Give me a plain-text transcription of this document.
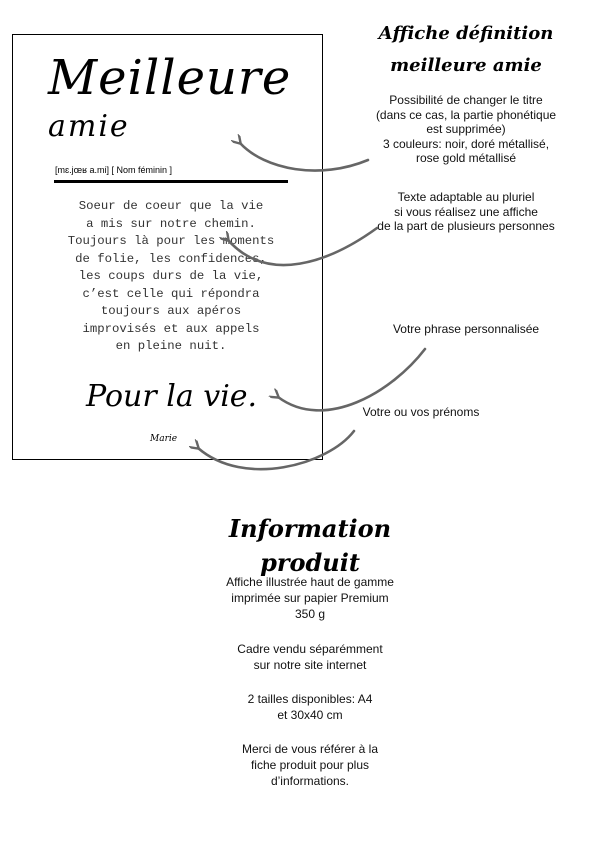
Meilleure
amie
[mɛ.jœʁ a.mi] [ Nom féminin ]
Soeur de coeur que la vie
a mis sur notre chemin.
Toujours là pour les moments
de folie, les confidences,
les coups durs de la vie,
c’est celle qui répondra
toujours aux apéros
improvisés et aux appels
en pleine nuit.
Pour la vie.
Marie
Affiche définition
meilleure amie
Possibilité de changer le titre
(dans ce cas, la partie phonétique
est supprimée)
3 couleurs: noir, doré métallisé,
rose gold métallisé
Texte adaptable au pluriel
si vous réalisez une affiche
de la part de plusieurs personnes
Votre phrase personnalisée
Votre ou vos prénoms
Information produit
Affiche illustrée haut de gamme
imprimée sur papier Premium
350 g
Cadre vendu séparémment
sur notre site internet
2 tailles disponibles: A4
et 30x40 cm
Merci de vous référer à la
fiche produit pour plus
d’informations.
